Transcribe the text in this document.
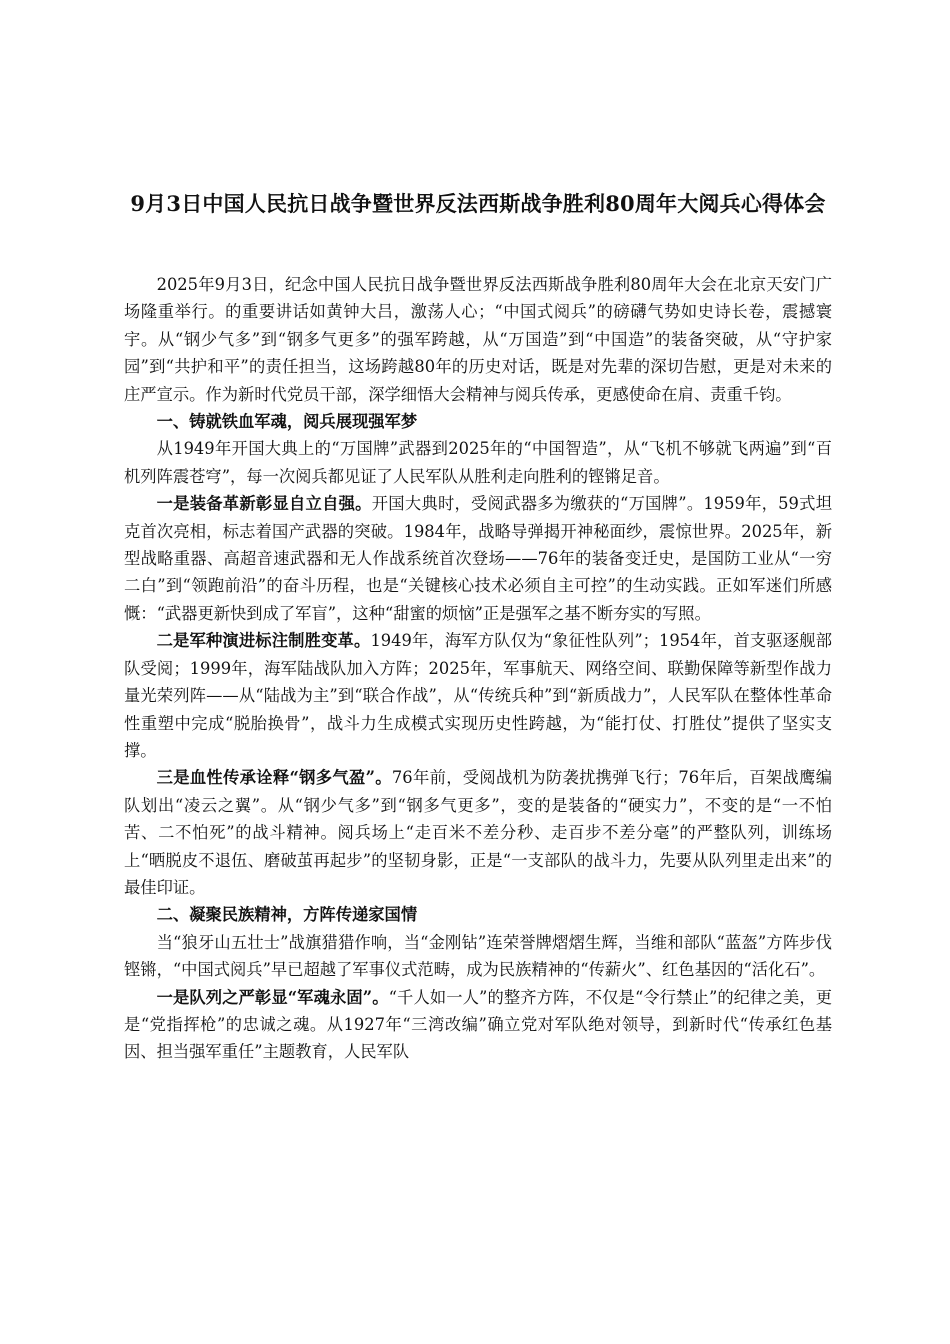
9月3日中国人民抗日战争暨世界反法西斯战争胜利80周年大阅兵心得体会

2025年9月3日，纪念中国人民抗日战争暨世界反法西斯战争胜利80周年大会在北京天安门广场隆重举行。的重要讲话如黄钟大吕，激荡人心；“中国式阅兵”的磅礴气势如史诗长卷，震撼寰宇。从“钢少气多”到“钢多气更多”的强军跨越，从“万国造”到“中国造”的装备突破，从“守护家园”到“共护和平”的责任担当，这场跨越80年的历史对话，既是对先辈的深切告慰，更是对未来的庄严宣示。作为新时代党员干部，深学细悟大会精神与阅兵传承，更感使命在肩、责重千钧。

一、铸就铁血军魂，阅兵展现强军梦

从1949年开国大典上的“万国牌”武器到2025年的“中国智造”，从“飞机不够就飞两遍”到“百机列阵震苍穹”，每一次阅兵都见证了人民军队从胜利走向胜利的铿锵足音。

一是装备革新彰显自立自强。开国大典时，受阅武器多为缴获的“万国牌”。1959年，59式坦克首次亮相，标志着国产武器的突破。1984年，战略导弹揭开神秘面纱，震惊世界。2025年，新型战略重器、高超音速武器和无人作战系统首次登场——76年的装备变迁史，是国防工业从“一穷二白”到“领跑前沿”的奋斗历程，也是“关键核心技术必须自主可控”的生动实践。正如军迷们所感慨：“武器更新快到成了军盲”，这种“甜蜜的烦恼”正是强军之基不断夯实的写照。

二是军种演进标注制胜变革。1949年，海军方队仅为“象征性队列”；1954年，首支驱逐舰部队受阅；1999年，海军陆战队加入方阵；2025年，军事航天、网络空间、联勤保障等新型作战力量光荣列阵——从“陆战为主”到“联合作战”，从“传统兵种”到“新质战力”，人民军队在整体性革命性重塑中完成“脱胎换骨”，战斗力生成模式实现历史性跨越，为“能打仗、打胜仗”提供了坚实支撑。

三是血性传承诠释“钢多气盈”。76年前，受阅战机为防袭扰携弹飞行；76年后，百架战鹰编队划出“凌云之翼”。从“钢少气多”到“钢多气更多”，变的是装备的“硬实力”，不变的是“一不怕苦、二不怕死”的战斗精神。阅兵场上“走百米不差分秒、走百步不差分毫”的严整队列，训练场上“晒脱皮不退伍、磨破茧再起步”的坚韧身影，正是“一支部队的战斗力，先要从队列里走出来”的最佳印证。

二、凝聚民族精神，方阵传递家国情

当“狼牙山五壮士”战旗猎猎作响，当“金刚钻”连荣誉牌熠熠生辉，当维和部队“蓝盔”方阵步伐铿锵，“中国式阅兵”早已超越了军事仪式范畴，成为民族精神的“传薪火”、红色基因的“活化石”。

一是队列之严彰显“军魂永固”。“千人如一人”的整齐方阵，不仅是“令行禁止”的纪律之美，更是“党指挥枪”的忠诚之魂。从1927年“三湾改编”确立党对军队绝对领导，到新时代“传承红色基因、担当强军重任”主题教育，人民军队
